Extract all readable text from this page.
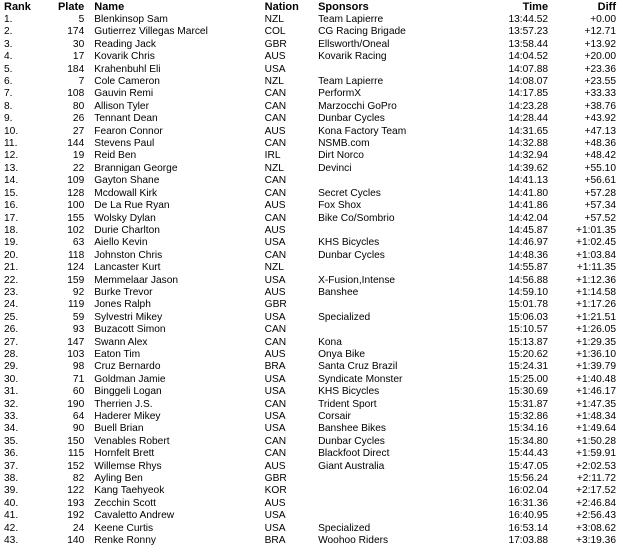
Rank	Plate	Name	Nation	Sponsors	Time	Diff
1.	5	Blenkinsop Sam	NZL	Team Lapierre	13:44.52	+0.00
2.	174	Gutierrez Villegas Marcel	COL	CG Racing Brigade	13:57.23	+12.71
3.	30	Reading Jack	GBR	Ellsworth/Oneal	13:58.44	+13.92
4.	17	Kovarik Chris	AUS	Kovarik Racing	14:04.52	+20.00
5.	184	Krahenbuhl Eli	USA		14:07.88	+23.36
6.	7	Cole Cameron	NZL	Team Lapierre	14:08.07	+23.55
7.	108	Gauvin Remi	CAN	PerformX	14:17.85	+33.33
8.	80	Allison Tyler	CAN	Marzocchi GoPro	14:23.28	+38.76
9.	26	Tennant Dean	CAN	Dunbar Cycles	14:28.44	+43.92
10.	27	Fearon Connor	AUS	Kona Factory Team	14:31.65	+47.13
11.	144	Stevens Paul	CAN	NSMB.com	14:32.88	+48.36
12.	19	Reid Ben	IRL	Dirt Norco	14:32.94	+48.42
13.	22	Brannigan George	NZL	Devinci	14:39.62	+55.10
14.	109	Gayton Shane	CAN		14:41.13	+56.61
15.	128	Mcdowall Kirk	CAN	Secret Cycles	14:41.80	+57.28
16.	100	De La Rue Ryan	AUS	Fox Shox	14:41.86	+57.34
17.	155	Wolsky Dylan	CAN	Bike Co/Sombrio	14:42.04	+57.52
18.	102	Durie Charlton	AUS		14:45.87	+1:01.35
19.	63	Aiello Kevin	USA	KHS Bicycles	14:46.97	+1:02.45
20.	118	Johnston Chris	CAN	Dunbar Cycles	14:48.36	+1:03.84
21.	124	Lancaster Kurt	NZL		14:55.87	+1:11.35
22.	159	Memmelaar Jason	USA	X-Fusion,Intense	14:56.88	+1:12.36
23.	92	Burke Trevor	AUS	Banshee	14:59.10	+1:14.58
24.	119	Jones Ralph	GBR		15:01.78	+1:17.26
25.	59	Sylvestri Mikey	USA	Specialized	15:06.03	+1:21.51
26.	93	Buzacott Simon	CAN		15:10.57	+1:26.05
27.	147	Swann Alex	CAN	Kona	15:13.87	+1:29.35
28.	103	Eaton Tim	AUS	Onya Bike	15:20.62	+1:36.10
29.	98	Cruz Bernardo	BRA	Santa Cruz Brazil	15:24.31	+1:39.79
30.	71	Goldman Jamie	USA	Syndicate Monster	15:25.00	+1:40.48
31.	60	Binggeli Logan	USA	KHS Bicycles	15:30.69	+1:46.17
32.	190	Therrien J.S.	CAN	Trident Sport	15:31.87	+1:47.35
33.	64	Haderer Mikey	USA	Corsair	15:32.86	+1:48.34
34.	90	Buell Brian	USA	Banshee Bikes	15:34.16	+1:49.64
35.	150	Venables Robert	CAN	Dunbar Cycles	15:34.80	+1:50.28
36.	115	Hornfelt Brett	CAN	Blackfoot Direct	15:44.43	+1:59.91
37.	152	Willemse Rhys	AUS	Giant Australia	15:47.05	+2:02.53
38.	82	Ayling Ben	GBR		15:56.24	+2:11.72
39.	122	Kang Taehyeok	KOR		16:02.04	+2:17.52
40.	193	Zecchin Scott	AUS		16:31.36	+2:46.84
41.	192	Cavaletto Andrew	USA		16:40.95	+2:56.43
42.	24	Keene Curtis	USA	Specialized	16:53.14	+3:08.62
43.	140	Renke Ronny	BRA	Woohoo Riders	17:03.88	+3:19.36
